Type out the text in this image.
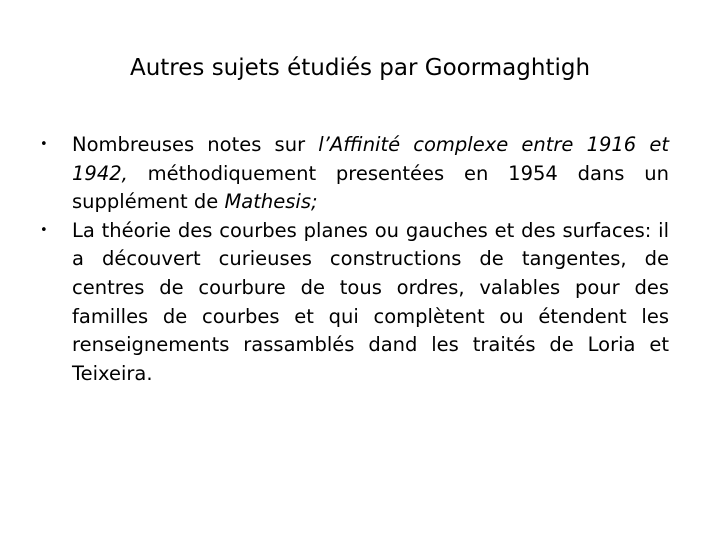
Autres sujets étudiés par Goormaghtigh
• Nombreuses notes sur l’Affinité complexe entre 1916 et 1942, méthodiquement presentées en 1954 dans un supplément de Mathesis;
• La théorie des courbes planes ou gauches et des surfaces: il a découvert curieuses constructions de tangentes, de centres de courbure de tous ordres, valables pour des familles de courbes et qui complètent ou étendent les renseignements rassamblés dand les traités de Loria et Teixeira.
